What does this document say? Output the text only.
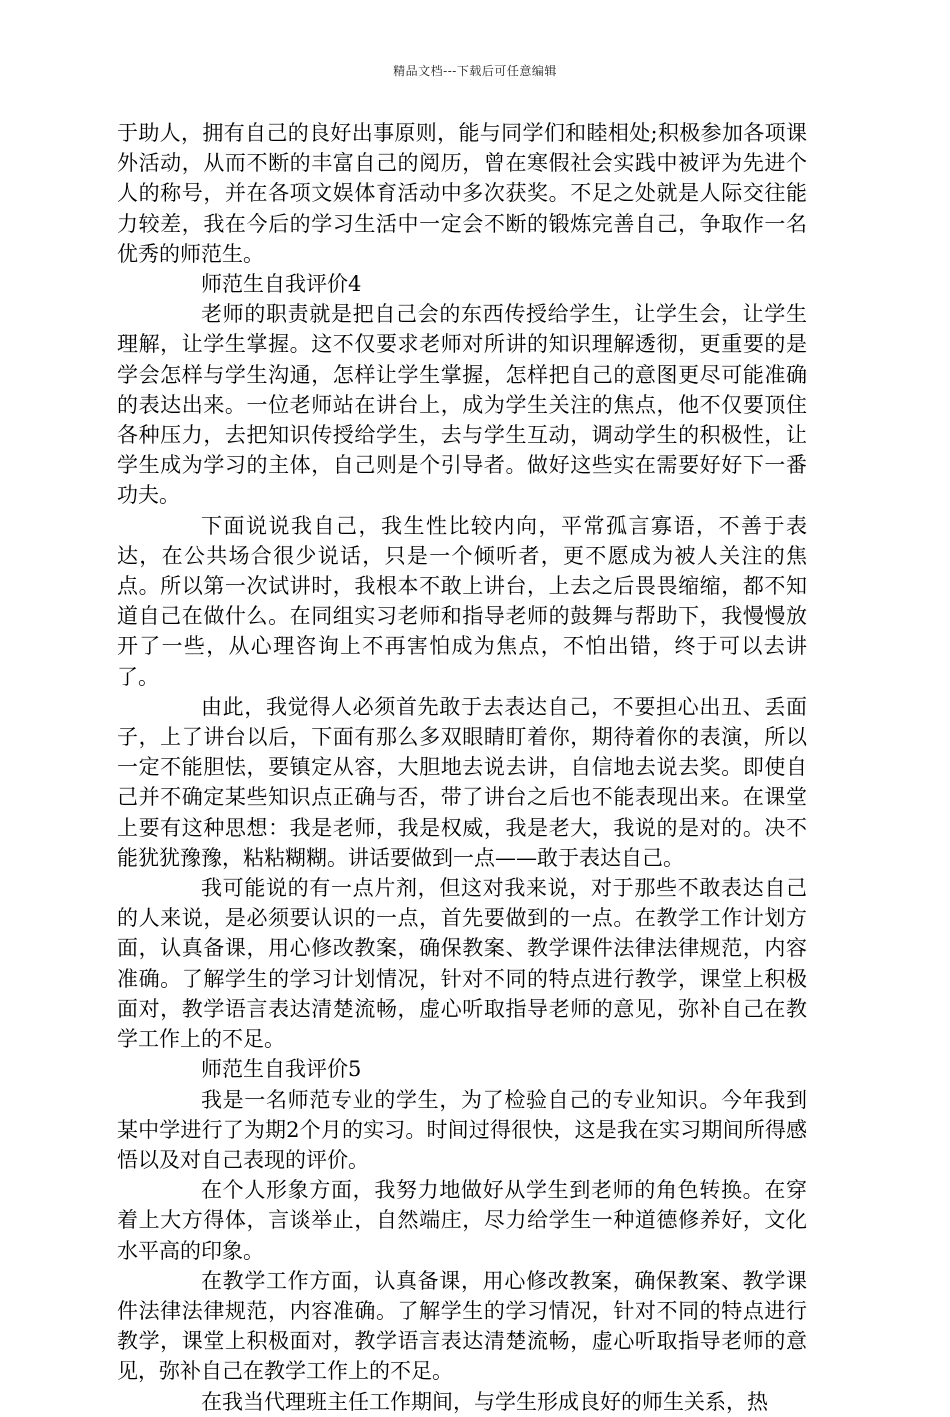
精品文档---下载后可任意编辑

于助人，拥有自己的良好出事原则，能与同学们和睦相处;积极参加各项课外活动，从而不断的丰富自己的阅历，曾在寒假社会实践中被评为先进个人的称号，并在各项文娱体育活动中多次获奖。不足之处就是人际交往能力较差，我在今后的学习生活中一定会不断的锻炼完善自己，争取作一名优秀的师范生。

师范生自我评价4

老师的职责就是把自己会的东西传授给学生，让学生会，让学生理解，让学生掌握。这不仅要求老师对所讲的知识理解透彻，更重要的是学会怎样与学生沟通，怎样让学生掌握，怎样把自己的意图更尽可能准确的表达出来。一位老师站在讲台上，成为学生关注的焦点，他不仅要顶住各种压力，去把知识传授给学生，去与学生互动，调动学生的积极性，让学生成为学习的主体，自己则是个引导者。做好这些实在需要好好下一番功夫。

下面说说我自己，我生性比较内向，平常孤言寡语，不善于表达，在公共场合很少说话，只是一个倾听者，更不愿成为被人关注的焦点。所以第一次试讲时，我根本不敢上讲台，上去之后畏畏缩缩，都不知道自己在做什么。在同组实习老师和指导老师的鼓舞与帮助下，我慢慢放开了一些，从心理咨询上不再害怕成为焦点，不怕出错，终于可以去讲了。

由此，我觉得人必须首先敢于去表达自己，不要担心出丑、丢面子，上了讲台以后，下面有那么多双眼睛盯着你，期待着你的表演，所以一定不能胆怯，要镇定从容，大胆地去说去讲，自信地去说去奖。即使自己并不确定某些知识点正确与否，带了讲台之后也不能表现出来。在课堂上要有这种思想：我是老师，我是权威，我是老大，我说的是对的。决不能犹犹豫豫，粘粘糊糊。讲话要做到一点——敢于表达自己。

我可能说的有一点片剂，但这对我来说，对于那些不敢表达自己的人来说，是必须要认识的一点，首先要做到的一点。在教学工作计划方面，认真备课，用心修改教案，确保教案、教学课件法律法律规范，内容准确。了解学生的学习计划情况，针对不同的特点进行教学，课堂上积极面对，教学语言表达清楚流畅，虚心听取指导老师的意见，弥补自己在教学工作上的不足。

师范生自我评价5

我是一名师范专业的学生，为了检验自己的专业知识。今年我到某中学进行了为期2个月的实习。时间过得很快，这是我在实习期间所得感悟以及对自己表现的评价。

在个人形象方面，我努力地做好从学生到老师的角色转换。在穿着上大方得体，言谈举止，自然端庄，尽力给学生一种道德修养好，文化水平高的印象。

在教学工作方面，认真备课，用心修改教案，确保教案、教学课件法律法律规范，内容准确。了解学生的学习情况，针对不同的特点进行教学，课堂上积极面对，教学语言表达清楚流畅，虚心听取指导老师的意见，弥补自己在教学工作上的不足。

在我当代理班主任工作期间，与学生形成良好的师生关系，热
